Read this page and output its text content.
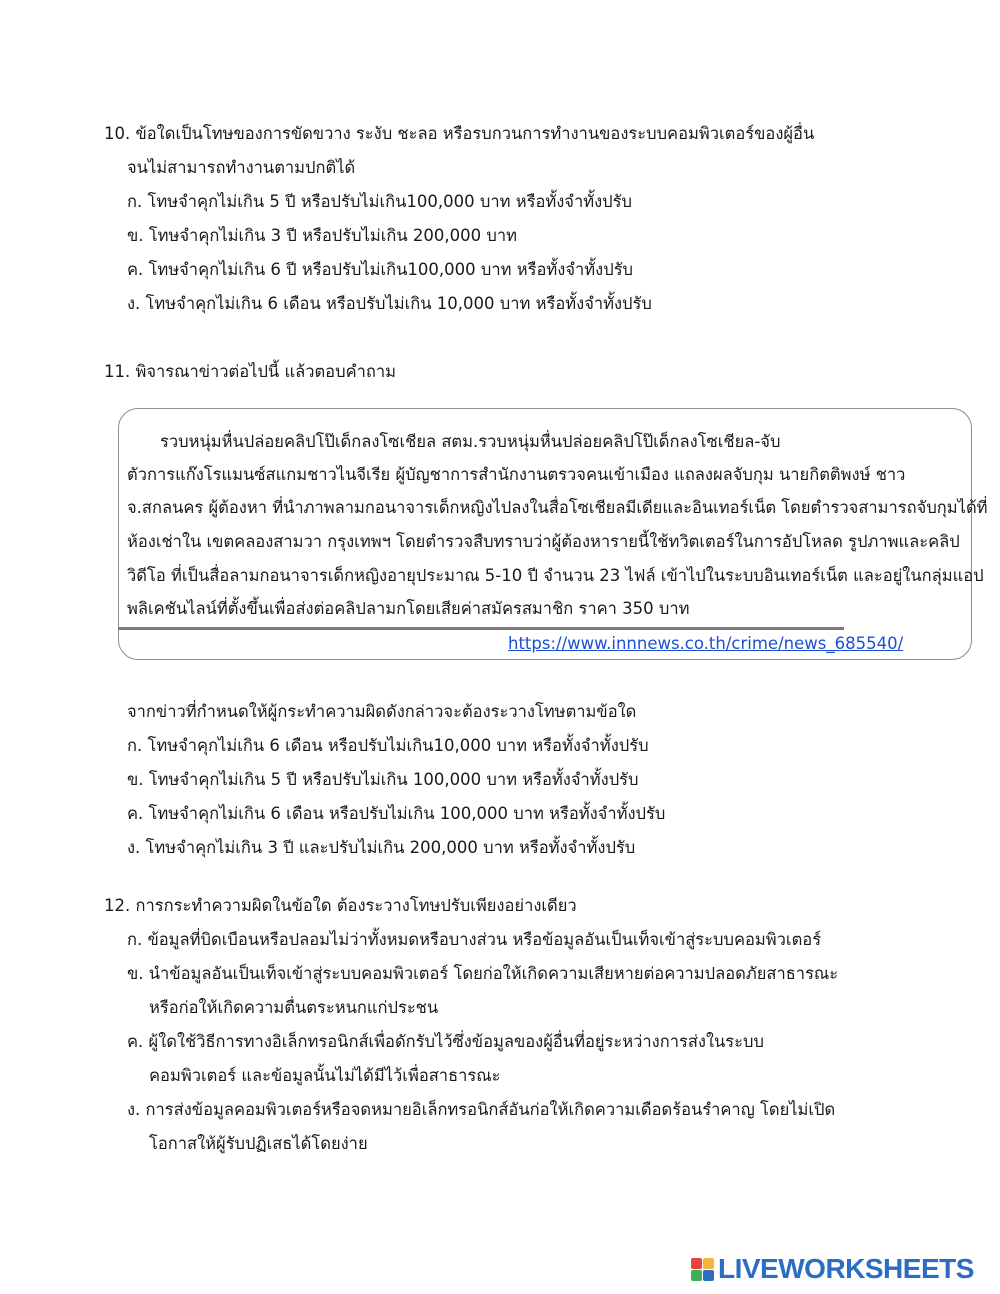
10. ข้อใดเป็นโทษของการขัดขวาง ระงับ ชะลอ หรือรบกวนการทำงานของระบบคอมพิวเตอร์ของผู้อื่น
จนไม่สามารถทำงานตามปกติได้
ก. โทษจำคุกไม่เกิน 5 ปี หรือปรับไม่เกิน100,000 บาท หรือทั้งจำทั้งปรับ
ข. โทษจำคุกไม่เกิน 3 ปี หรือปรับไม่เกิน 200,000 บาท
ค. โทษจำคุกไม่เกิน 6 ปี หรือปรับไม่เกิน100,000 บาท หรือทั้งจำทั้งปรับ
ง. โทษจำคุกไม่เกิน 6 เดือน หรือปรับไม่เกิน 10,000 บาท หรือทั้งจำทั้งปรับ
11. พิจารณาข่าวต่อไปนี้ แล้วตอบคำถาม
รวบหนุ่มหื่นปล่อยคลิปโป๊เด็กลงโซเชียล สตม.รวบหนุ่มหื่นปล่อยคลิปโป๊เด็กลงโซเชียล-จับ
ตัวการแก๊งโรแมนซ์สแกมชาวไนจีเรีย ผู้บัญชาการสำนักงานตรวจคนเข้าเมือง แถลงผลจับกุม นายกิตติพงษ์ ชาว
จ.สกลนคร ผู้ต้องหา ที่นำภาพลามกอนาจารเด็กหญิงไปลงในสื่อโซเชียลมีเดียและอินเทอร์เน็ต โดยตำรวจสามารถจับกุมได้ที่
ห้องเช่าใน เขตคลองสามวา กรุงเทพฯ โดยตำรวจสืบทราบว่าผู้ต้องหารายนี้ใช้ทวิตเตอร์ในการอัปโหลด รูปภาพและคลิป
วิดีโอ ที่เป็นสื่อลามกอนาจารเด็กหญิงอายุประมาณ 5-10 ปี จำนวน 23 ไฟล์ เข้าไปในระบบอินเทอร์เน็ต และอยู่ในกลุ่มแอป
พลิเคชันไลน์ที่ตั้งขึ้นเพื่อส่งต่อคลิปลามกโดยเสียค่าสมัครสมาชิก ราคา 350 บาท
https://www.innnews.co.th/crime/news_685540/
จากข่าวที่กำหนดให้ผู้กระทำความผิดดังกล่าวจะต้องระวางโทษตามข้อใด
ก. โทษจำคุกไม่เกิน 6 เดือน หรือปรับไม่เกิน10,000 บาท หรือทั้งจำทั้งปรับ
ข. โทษจำคุกไม่เกิน 5 ปี หรือปรับไม่เกิน 100,000 บาท หรือทั้งจำทั้งปรับ
ค. โทษจำคุกไม่เกิน 6 เดือน หรือปรับไม่เกิน 100,000 บาท หรือทั้งจำทั้งปรับ
ง. โทษจำคุกไม่เกิน 3 ปี และปรับไม่เกิน 200,000 บาท หรือทั้งจำทั้งปรับ
12. การกระทำความผิดในข้อใด ต้องระวางโทษปรับเพียงอย่างเดียว
ก. ข้อมูลที่บิดเบือนหรือปลอมไม่ว่าทั้งหมดหรือบางส่วน หรือข้อมูลอันเป็นเท็จเข้าสู่ระบบคอมพิวเตอร์
ข. นำข้อมูลอันเป็นเท็จเข้าสู่ระบบคอมพิวเตอร์ โดยก่อให้เกิดความเสียหายต่อความปลอดภัยสาธารณะ
หรือก่อให้เกิดความตื่นตระหนกแก่ประชน
ค. ผู้ใดใช้วิธีการทางอิเล็กทรอนิกส์เพื่อดักรับไว้ซึ่งข้อมูลของผู้อื่นที่อยู่ระหว่างการส่งในระบบ
คอมพิวเตอร์ และข้อมูลนั้นไม่ได้มีไว้เพื่อสาธารณะ
ง. การส่งข้อมูลคอมพิวเตอร์หรือจดหมายอิเล็กทรอนิกส์อันก่อให้เกิดความเดือดร้อนรำคาญ โดยไม่เปิด
โอกาสให้ผู้รับปฏิเสธได้โดยง่าย
LIVEWORKSHEETS
